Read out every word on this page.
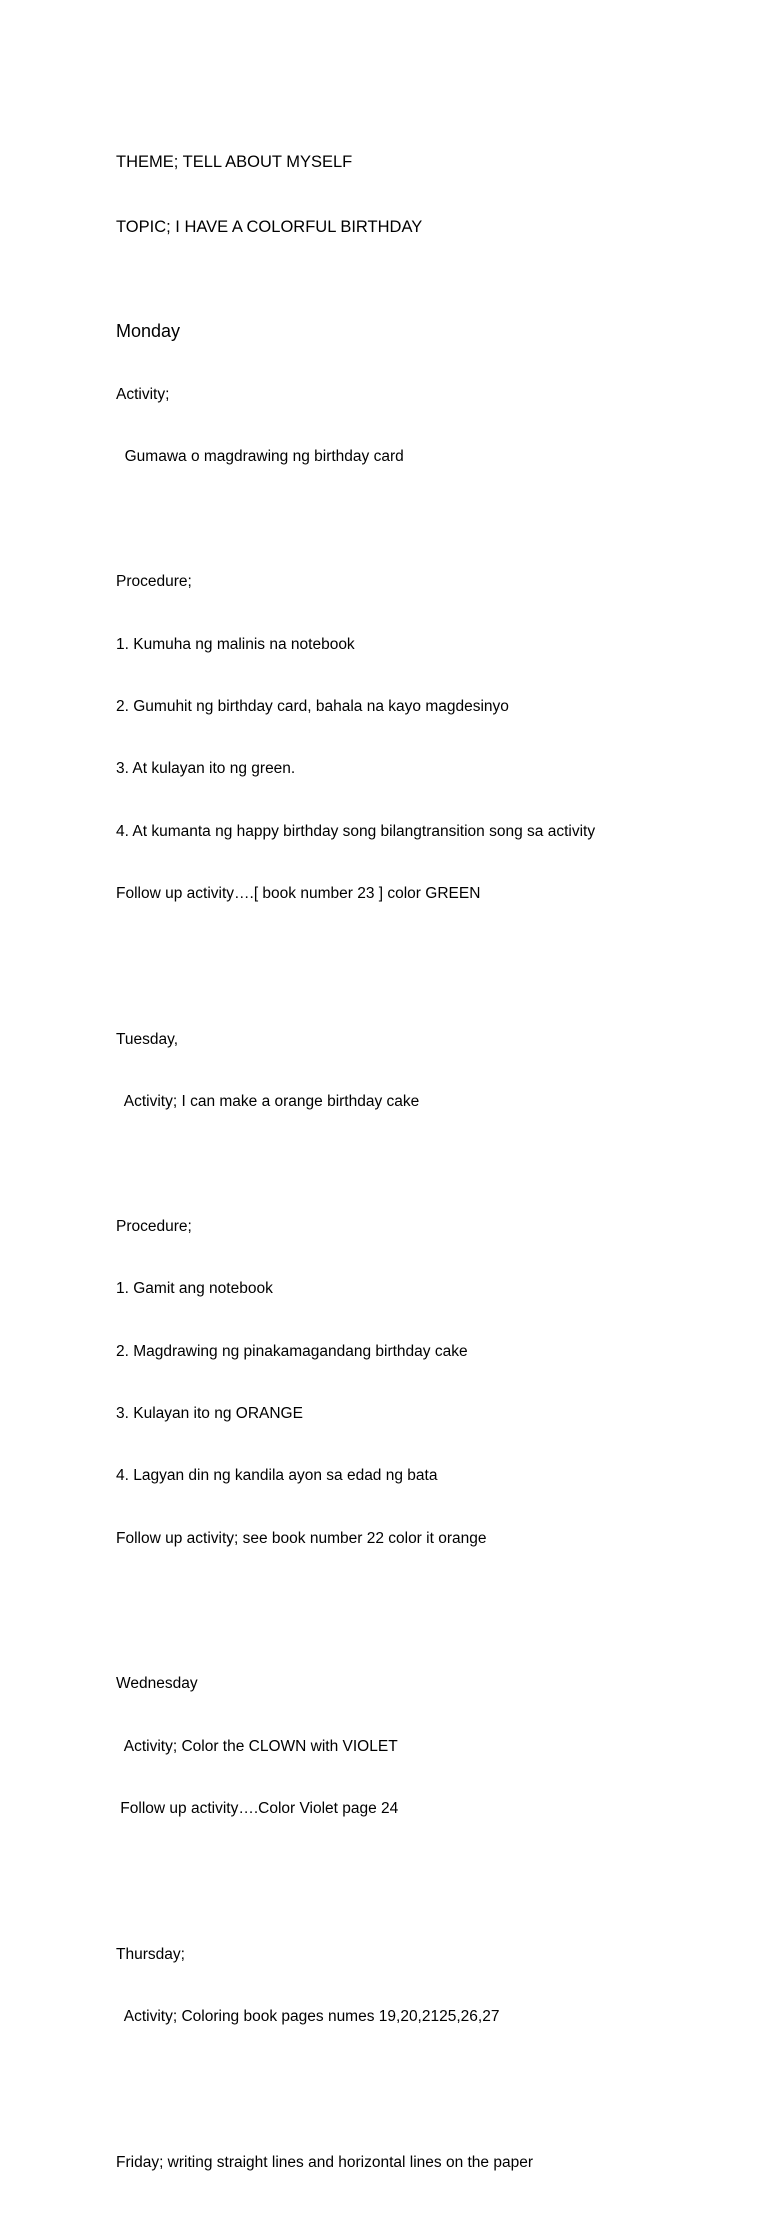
THEME; TELL ABOUT MYSELF

TOPIC; I HAVE A COLORFUL BIRTHDAY

Monday

Activity;

Gumawa o magdrawing ng birthday card

Procedure;

1. Kumuha ng malinis na notebook

2. Gumuhit ng birthday card, bahala na kayo magdesinyo

3. At kulayan ito ng green.

4. At kumanta ng happy birthday song bilangtransition song sa activity

Follow up activity….[ book number 23 ] color GREEN

Tuesday,

Activity; I can make a orange birthday cake

Procedure;

1. Gamit ang notebook

2. Magdrawing ng pinakamagandang birthday cake

3. Kulayan ito ng ORANGE

4. Lagyan din ng kandila ayon sa edad ng bata

Follow up activity; see book number 22 color it orange

Wednesday

Activity; Color the CLOWN with VIOLET

Follow up activity….Color Violet page 24

Thursday;

Activity; Coloring book pages numes 19,20,2125,26,27

Friday; writing straight lines and horizontal lines on the paper
